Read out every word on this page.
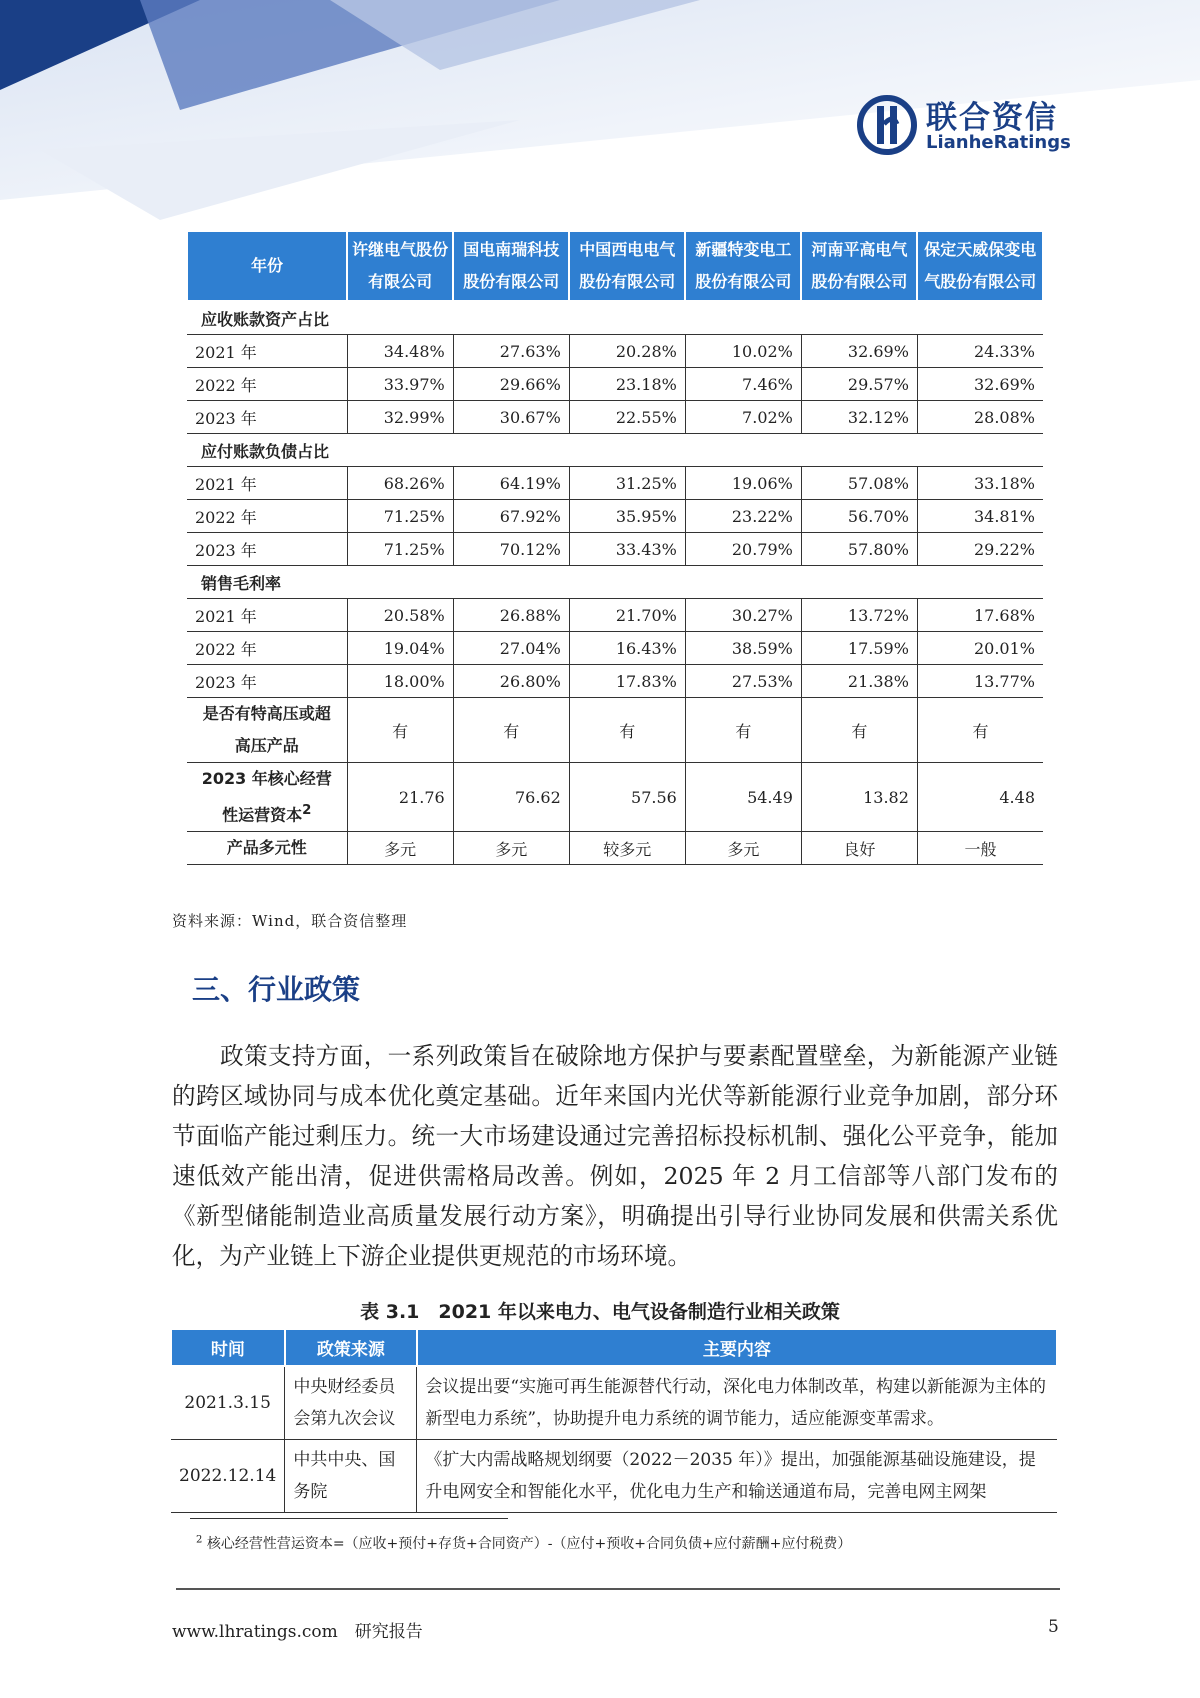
联合资信
LianheRatings
年份	许继电气股份有限公司	国电南瑞科技股份有限公司	中国西电电气股份有限公司	新疆特变电工股份有限公司	河南平高电气股份有限公司	保定天威保变电气股份有限公司
应收账款资产占比						
2021 年	34.48%	27.63%	20.28%	10.02%	32.69%	24.33%
2022 年	33.97%	29.66%	23.18%	7.46%	29.57%	32.69%
2023 年	32.99%	30.67%	22.55%	7.02%	32.12%	28.08%
应付账款负债占比						
2021 年	68.26%	64.19%	31.25%	19.06%	57.08%	33.18%
2022 年	71.25%	67.92%	35.95%	23.22%	56.70%	34.81%
2023 年	71.25%	70.12%	33.43%	20.79%	57.80%	29.22%
销售毛利率						
2021 年	20.58%	26.88%	21.70%	30.27%	13.72%	17.68%
2022 年	19.04%	27.04%	16.43%	38.59%	17.59%	20.01%
2023 年	18.00%	26.80%	17.83%	27.53%	21.38%	13.77%
是否有特高压或超高压产品	有	有	有	有	有	有
2023 年核心经营性运营资本$^2$	21.76	76.62	57.56	54.49	13.82	4.48
产品多元性	多元	多元	较多元	多元	良好	一般
资料来源：Wind，联合资信整理
三、行业政策
政策支持方面，一系列政策旨在破除地方保护与要素配置壁垒，为新能源产业链的跨区域协同与成本优化奠定基础。近年来国内光伏等新能源行业竞争加剧，部分环节面临产能过剩压力。统一大市场建设通过完善招标投标机制、强化公平竞争，能加速低效产能出清，促进供需格局改善。例如，2025 年 2 月工信部等八部门发布的《新型储能制造业高质量发展行动方案》，明确提出引导行业协同发展和供需关系优化，为产业链上下游企业提供更规范的市场环境。
表 3.1　2021 年以来电力、电气设备制造行业相关政策
时间	政策来源	主要内容
2021.3.15	中央财经委员会第九次会议	会议提出要“实施可再生能源替代行动，深化电力体制改革，构建以新能源为主体的新型电力系统”，协助提升电力系统的调节能力，适应能源变革需求。
2022.12.14	中共中央、国务院	《扩大内需战略规划纲要（2022－2035 年）》提出，加强能源基础设施建设，提升电网安全和智能化水平，优化电力生产和输送通道布局，完善电网主网架
$^2$ 核心经营性营运资本=（应收+预付+存货+合同资产）-（应付+预收+合同负债+应付薪酬+应付税费）
www.lhratings.com　研究报告	5
